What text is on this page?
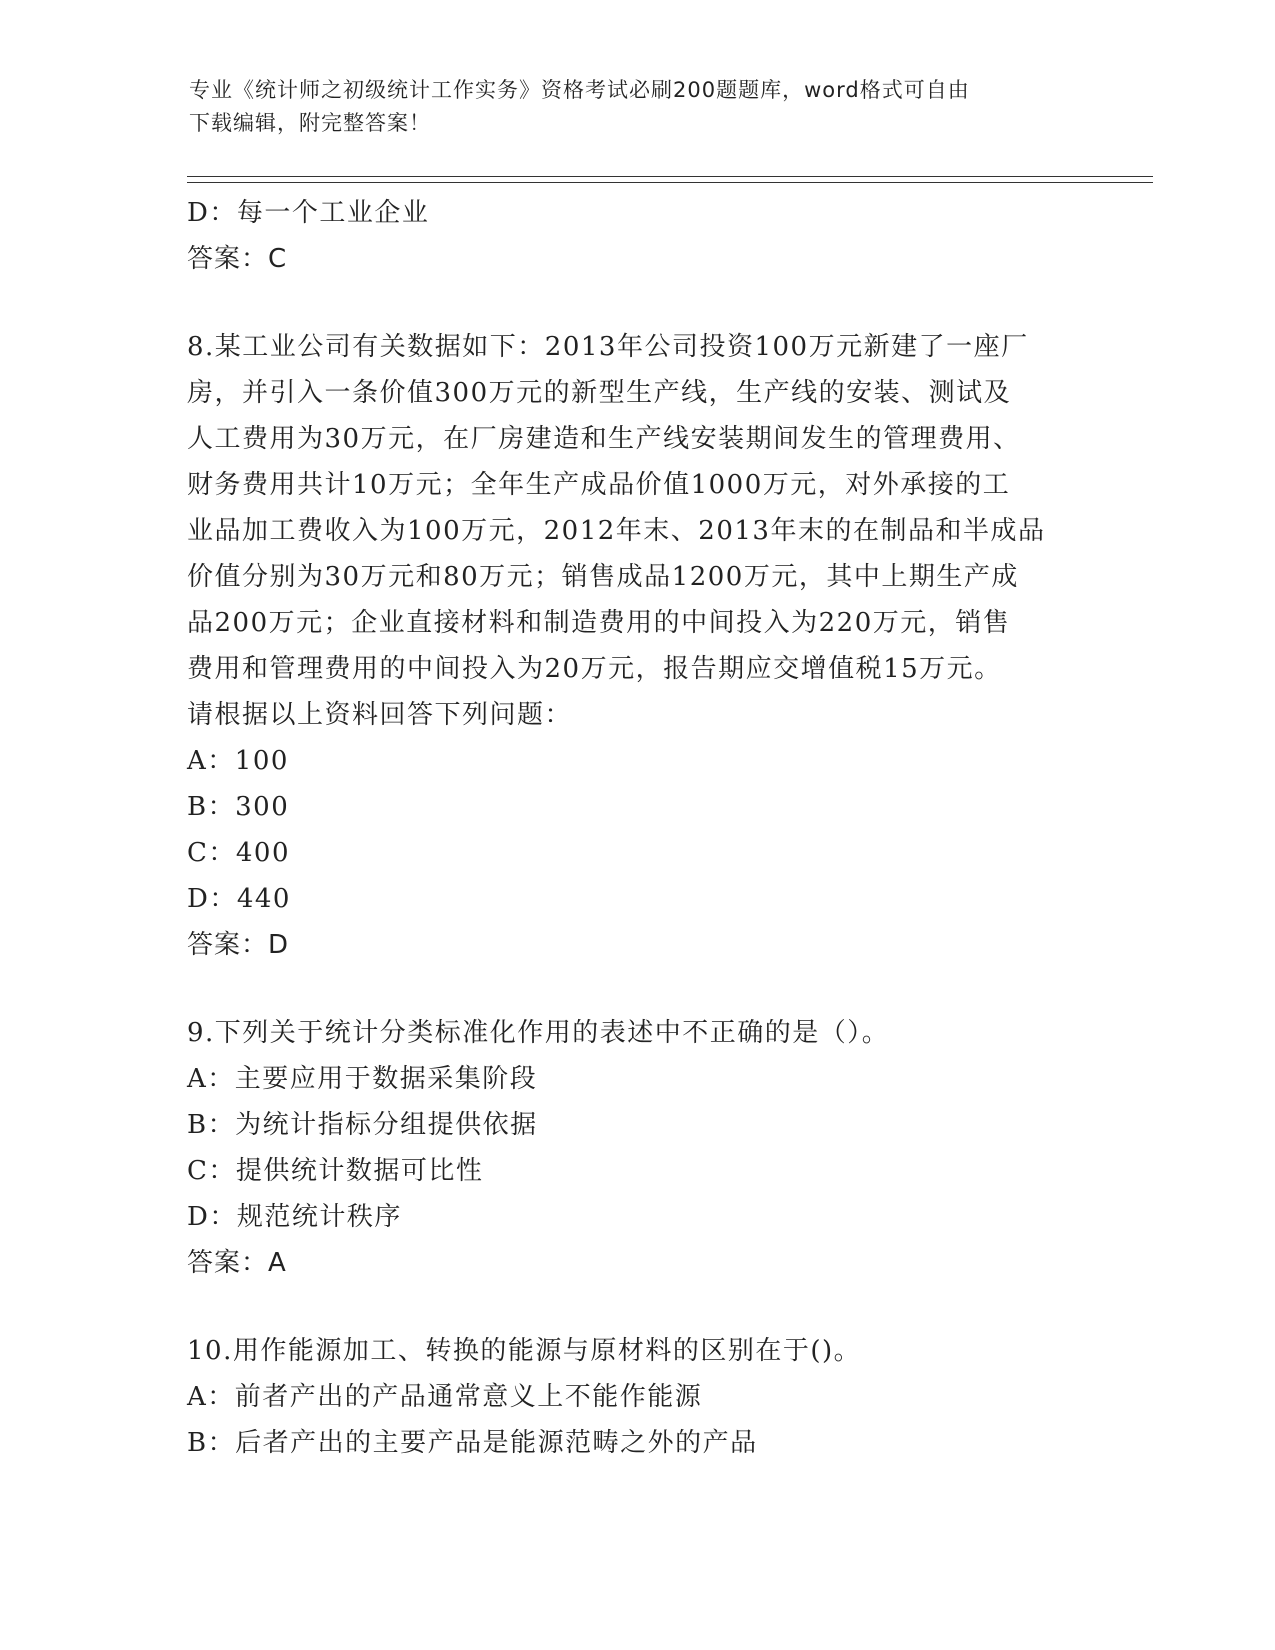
专业《统计师之初级统计工作实务》资格考试必刷200题题库，word格式可自由
下载编辑，附完整答案！
D：每一个工业企业
答案：C
8.某工业公司有关数据如下：2013年公司投资100万元新建了一座厂
房，并引入一条价值300万元的新型生产线，生产线的安装、测试及
人工费用为30万元，在厂房建造和生产线安装期间发生的管理费用、
财务费用共计10万元；全年生产成品价值1000万元，对外承接的工
业品加工费收入为100万元，2012年末、2013年末的在制品和半成品
价值分别为30万元和80万元；销售成品1200万元，其中上期生产成
品200万元；企业直接材料和制造费用的中间投入为220万元，销售
费用和管理费用的中间投入为20万元，报告期应交增值税15万元。
请根据以上资料回答下列问题：
A：100
B：300
C：400
D：440
答案：D
9.下列关于统计分类标准化作用的表述中不正确的是（）。
A：主要应用于数据采集阶段
B：为统计指标分组提供依据
C：提供统计数据可比性
D：规范统计秩序
答案：A
10.用作能源加工、转换的能源与原材料的区别在于()。
A：前者产出的产品通常意义上不能作能源
B：后者产出的主要产品是能源范畴之外的产品
